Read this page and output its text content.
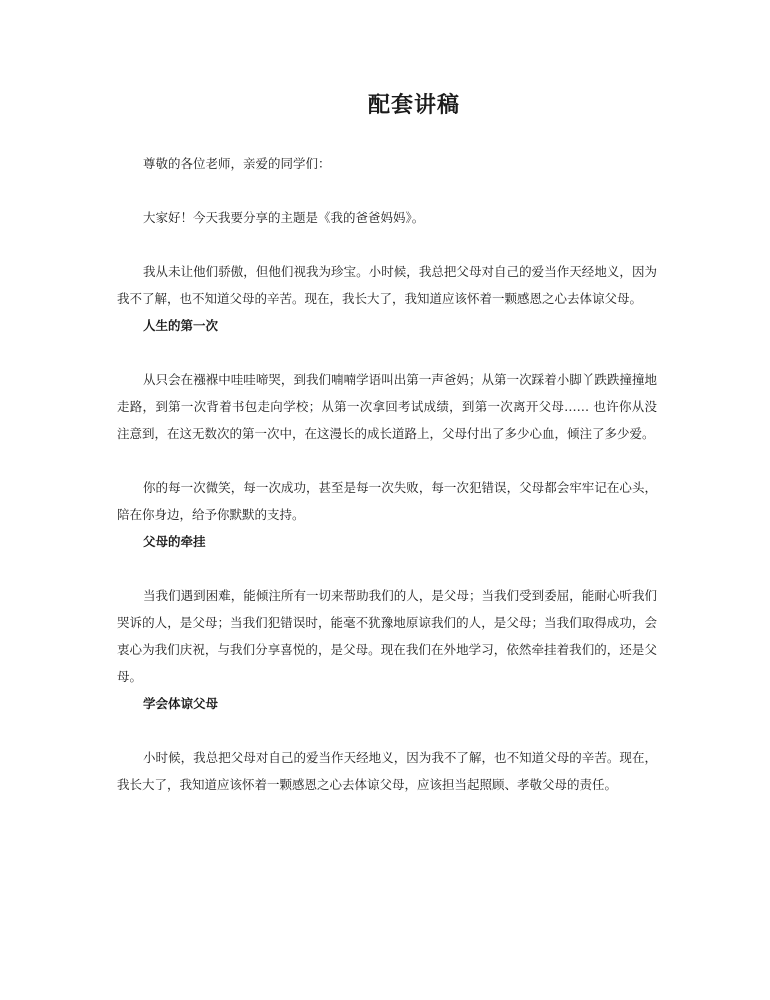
配套讲稿

尊敬的各位老师，亲爱的同学们：

大家好！今天我要分享的主题是《我的爸爸妈妈》。

我从未让他们骄傲，但他们视我为珍宝。小时候，我总把父母对自己的爱当作天经地义，因为我不了解，也不知道父母的辛苦。现在，我长大了，我知道应该怀着一颗感恩之心去体谅父母。

人生的第一次

从只会在襁褓中哇哇啼哭，到我们喃喃学语叫出第一声爸妈；从第一次踩着小脚丫跌跌撞撞地走路，到第一次背着书包走向学校；从第一次拿回考试成绩，到第一次离开父母…… 也许你从没注意到，在这无数次的第一次中，在这漫长的成长道路上，父母付出了多少心血，倾注了多少爱。

你的每一次微笑，每一次成功，甚至是每一次失败，每一次犯错误，父母都会牢牢记在心头，陪在你身边，给予你默默的支持。

父母的牵挂

当我们遇到困难，能倾注所有一切来帮助我们的人，是父母；当我们受到委屈，能耐心听我们哭诉的人，是父母；当我们犯错误时，能毫不犹豫地原谅我们的人，是父母；当我们取得成功，会衷心为我们庆祝，与我们分享喜悦的，是父母。现在我们在外地学习，依然牵挂着我们的，还是父母。

学会体谅父母

小时候，我总把父母对自己的爱当作天经地义，因为我不了解，也不知道父母的辛苦。现在，我长大了，我知道应该怀着一颗感恩之心去体谅父母，应该担当起照顾、孝敬父母的责任。
